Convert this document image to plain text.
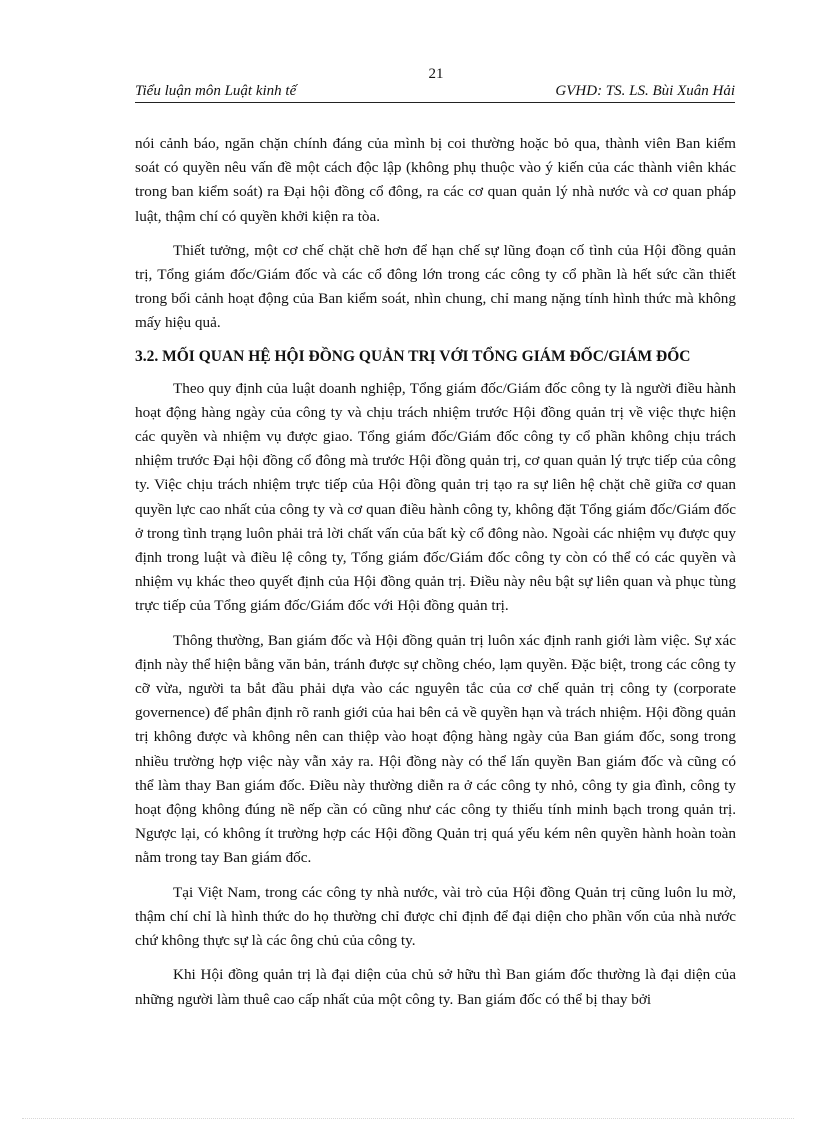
21
Tiểu luận môn Luật kinh tế	GVHD: TS. LS. Bùi Xuân Hải

nói cảnh báo, ngăn chặn chính đáng của mình bị coi thường hoặc bỏ qua, thành viên Ban kiểm soát có quyền nêu vấn đề một cách độc lập (không phụ thuộc vào ý kiến của các thành viên khác trong ban kiểm soát) ra Đại hội đồng cổ đông, ra các cơ quan quản lý nhà nước và cơ quan pháp luật, thậm chí có quyền khởi kiện ra tòa.

Thiết tưởng, một cơ chế chặt chẽ hơn để hạn chế sự lũng đoạn cố tình của Hội đồng quản trị, Tổng giám đốc/Giám đốc và các cổ đông lớn trong các công ty cổ phần là hết sức cần thiết trong bối cảnh hoạt động của Ban kiểm soát, nhìn chung, chỉ mang nặng tính hình thức mà không mấy hiệu quả.

3.2. MỐI QUAN HỆ HỘI ĐỒNG QUẢN TRỊ VỚI TỔNG GIÁM ĐỐC/GIÁM ĐỐC

Theo quy định của luật doanh nghiệp, Tổng giám đốc/Giám đốc công ty là người điều hành hoạt động hàng ngày của công ty và chịu trách nhiệm trước Hội đồng quản trị về việc thực hiện các quyền và nhiệm vụ được giao. Tổng giám đốc/Giám đốc công ty cổ phần không chịu trách nhiệm trước Đại hội đồng cổ đông mà trước Hội đồng quản trị, cơ quan quản lý trực tiếp của công ty. Việc chịu trách nhiệm trực tiếp của Hội đồng quản trị tạo ra sự liên hệ chặt chẽ giữa cơ quan quyền lực cao nhất của công ty và cơ quan điều hành công ty, không đặt Tổng giám đốc/Giám đốc ở trong tình trạng luôn phải trả lời chất vấn của bất kỳ cổ đông nào. Ngoài các nhiệm vụ được quy định trong luật và điều lệ công ty, Tổng giám đốc/Giám đốc công ty còn có thể có các quyền và nhiệm vụ khác theo quyết định của Hội đồng quản trị. Điều này nêu bật sự liên quan và phục tùng trực tiếp của Tổng giám đốc/Giám đốc với Hội đồng quản trị.

Thông thường, Ban giám đốc và Hội đồng quản trị luôn xác định ranh giới làm việc. Sự xác định này thể hiện bằng văn bản, tránh được sự chồng chéo, lạm quyền. Đặc biệt, trong các công ty cỡ vừa, người ta bắt đầu phải dựa vào các nguyên tắc của cơ chế quản trị công ty (corporate governence) để phân định rõ ranh giới của hai bên cả về quyền hạn và trách nhiệm. Hội đồng quản trị không được và không nên can thiệp vào hoạt động hàng ngày của Ban giám đốc, song trong nhiều trường hợp việc này vẫn xảy ra. Hội đồng này có thể lấn quyền Ban giám đốc và cũng có thể làm thay Ban giám đốc. Điều này thường diễn ra ở các công ty nhỏ, công ty gia đình, công ty hoạt động không đúng nề nếp cần có cũng như các công ty thiếu tính minh bạch trong quản trị. Ngược lại, có không ít trường hợp các Hội đồng Quản trị quá yếu kém nên quyền hành hoàn toàn nằm trong tay Ban giám đốc.

Tại Việt Nam, trong các công ty nhà nước, vài trò của Hội đồng Quản trị cũng luôn lu mờ, thậm chí chỉ là hình thức do họ thường chỉ được chỉ định để đại diện cho phần vốn của nhà nước chứ không thực sự là các ông chủ của công ty.

Khi Hội đồng quản trị là đại diện của chủ sở hữu thì Ban giám đốc thường là đại diện của những người làm thuê cao cấp nhất của một công ty. Ban giám đốc có thể bị thay bởi
